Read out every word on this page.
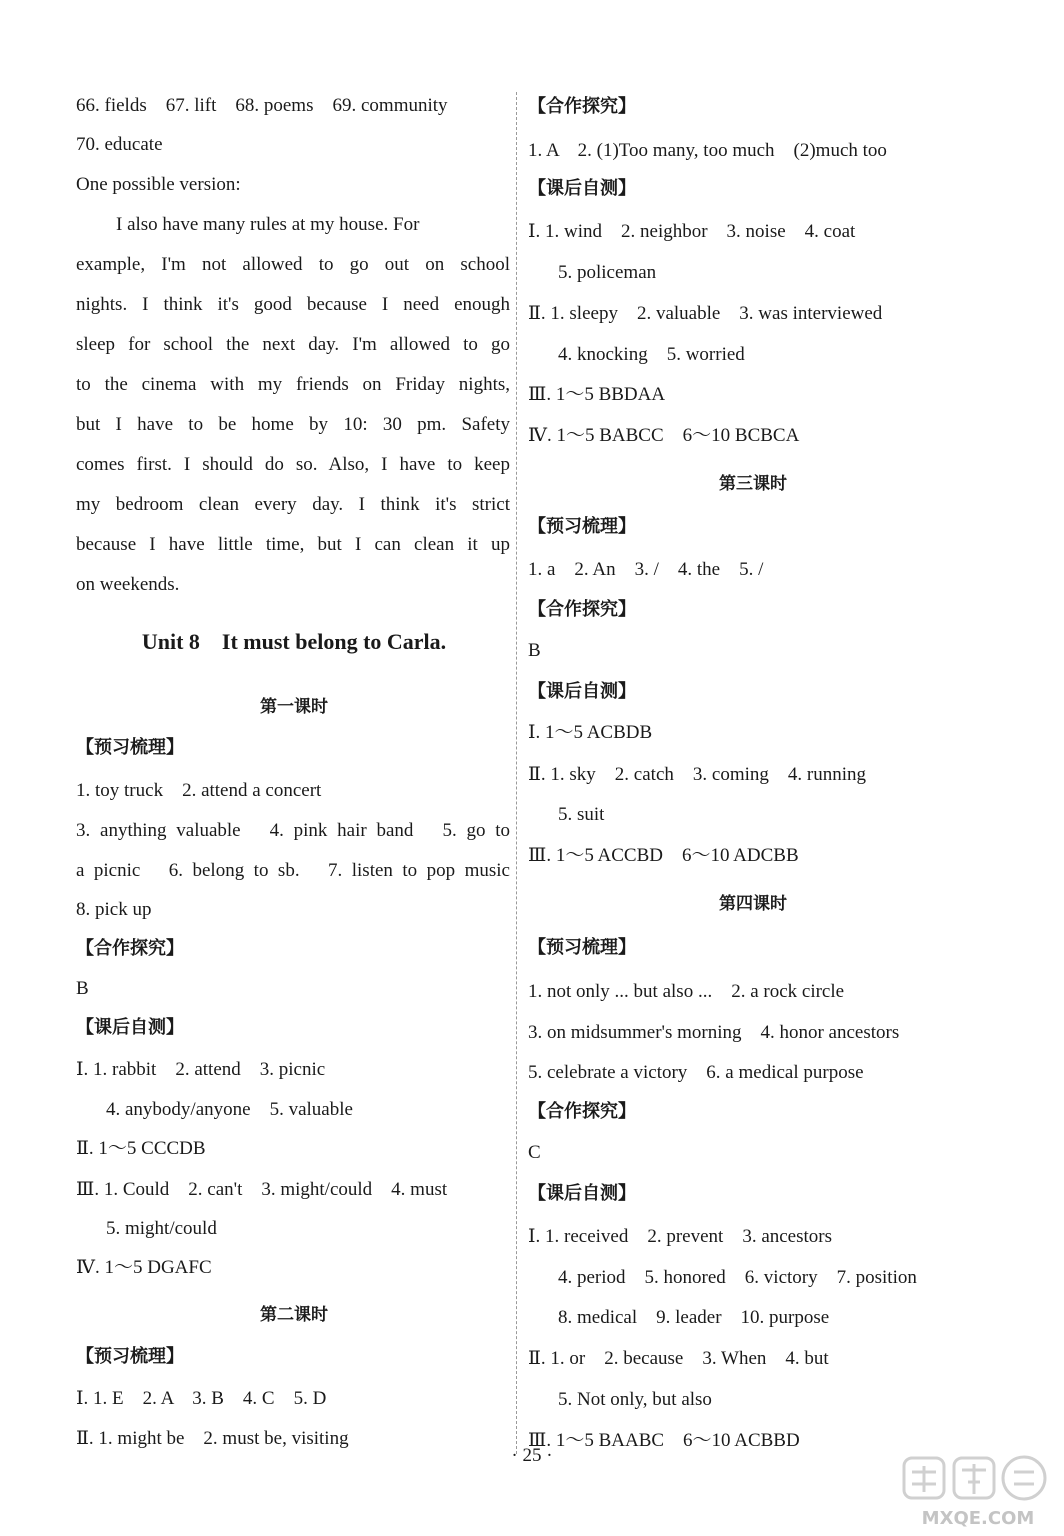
66. fields　67. lift　68. poems　69. community
70. educate
One possible version:
I also have many rules at my house. For
example, I'm not allowed to go out on school
nights. I think it's good because I need enough
sleep for school the next day. I'm allowed to go
to the cinema with my friends on Friday nights,
but I have to be home by 10: 30 pm. Safety
comes first. I should do so. Also, I have to keep
my bedroom clean every day. I think it's strict
because I have little time, but I can clean it up
on weekends.
Unit 8　It must belong to Carla.
第一课时
【预习梳理】
1. toy truck　2. attend a concert
3. anything valuable　4. pink hair band　5. go to
a picnic　6. belong to sb.　7. listen to pop music
8. pick up
【合作探究】
B
【课后自测】
Ⅰ. 1. rabbit　2. attend　3. picnic
4. anybody/anyone　5. valuable
Ⅱ. 1～5 CCCDB
Ⅲ. 1. Could　2. can't　3. might/could　4. must
5. might/could
Ⅳ. 1～5 DGAFC
第二课时
【预习梳理】
Ⅰ. 1. E　2. A　3. B　4. C　5. D
Ⅱ. 1. might be　2. must be, visiting
【合作探究】
1. A　2. (1)Too many, too much　(2)much too
【课后自测】
Ⅰ. 1. wind　2. neighbor　3. noise　4. coat
5. policeman
Ⅱ. 1. sleepy　2. valuable　3. was interviewed
4. knocking　5. worried
Ⅲ. 1～5 BBDAA
Ⅳ. 1～5 BABCC　6～10 BCBCA
第三课时
【预习梳理】
1. a　2. An　3. /　4. the　5. /
【合作探究】
B
【课后自测】
Ⅰ. 1～5 ACBDB
Ⅱ. 1. sky　2. catch　3. coming　4. running
5. suit
Ⅲ. 1～5 ACCBD　6～10 ADCBB
第四课时
【预习梳理】
1. not only ... but also ...　2. a rock circle
3. on midsummer's morning　4. honor ancestors
5. celebrate a victory　6. a medical purpose
【合作探究】
C
【课后自测】
Ⅰ. 1. received　2. prevent　3. ancestors
4. period　5. honored　6. victory　7. position
8. medical　9. leader　10. purpose
Ⅱ. 1. or　2. because　3. When　4. but
5. Not only, but also
Ⅲ. 1～5 BAABC　6～10 ACBBD
· 25 ·
MXQE.COM
